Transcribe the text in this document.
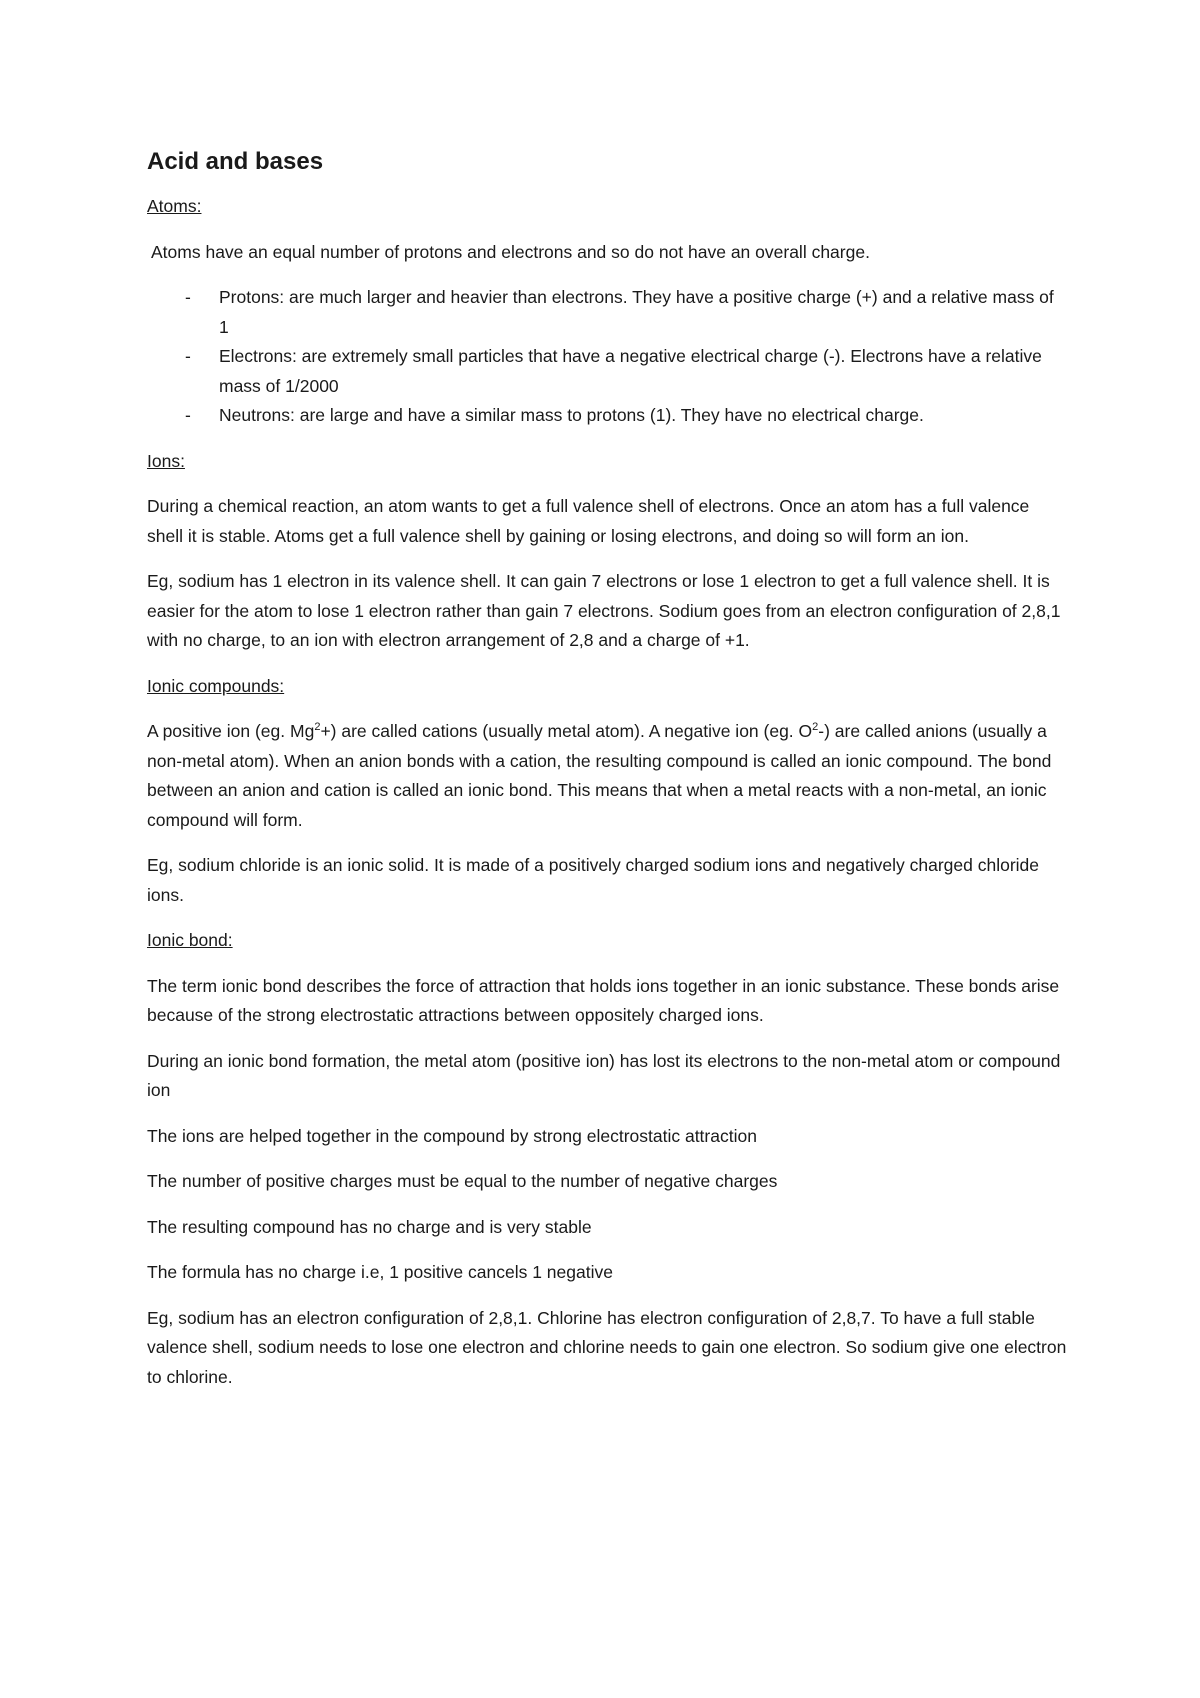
Acid and bases
Atoms:

Atoms have an equal number of protons and electrons and so do not have an overall charge.

- Protons: are much larger and heavier than electrons. They have a positive charge (+) and a relative mass of 1
- Electrons: are extremely small particles that have a negative electrical charge (-). Electrons have a relative mass of 1/2000
- Neutrons: are large and have a similar mass to protons (1). They have no electrical charge.
Ions:

During a chemical reaction, an atom wants to get a full valence shell of electrons. Once an atom has a full valence shell it is stable. Atoms get a full valence shell by gaining or losing electrons, and doing so will form an ion.

Eg, sodium has 1 electron in its valence shell. It can gain 7 electrons or lose 1 electron to get a full valence shell. It is easier for the atom to lose 1 electron rather than gain 7 electrons. Sodium goes from an electron configuration of 2,8,1 with no charge, to an ion with electron arrangement of 2,8 and a charge of +1.

Ionic compounds:

A positive ion (eg. $Mg^2+$) are called cations (usually metal atom). A negative ion (eg. $O^2-$) are called anions (usually a non-metal atom). When an anion bonds with a cation, the resulting compound is called an ionic compound. The bond between an anion and cation is called an ionic bond. This means that when a metal reacts with a non-metal, an ionic compound will form.

Eg, sodium chloride is an ionic solid. It is made of a positively charged sodium ions and negatively charged chloride ions.

Ionic bond:

The term ionic bond describes the force of attraction that holds ions together in an ionic substance. These bonds arise because of the strong electrostatic attractions between oppositely charged ions.

During an ionic bond formation, the metal atom (positive ion) has lost its electrons to the non-metal atom or compound ion

The ions are helped together in the compound by strong electrostatic attraction

The number of positive charges must be equal to the number of negative charges

The resulting compound has no charge and is very stable

The formula has no charge i.e, 1 positive cancels 1 negative

Eg, sodium has an electron configuration of 2,8,1. Chlorine has electron configuration of 2,8,7. To have a full stable valence shell, sodium needs to lose one electron and chlorine needs to gain one electron. So sodium give one electron to chlorine.
